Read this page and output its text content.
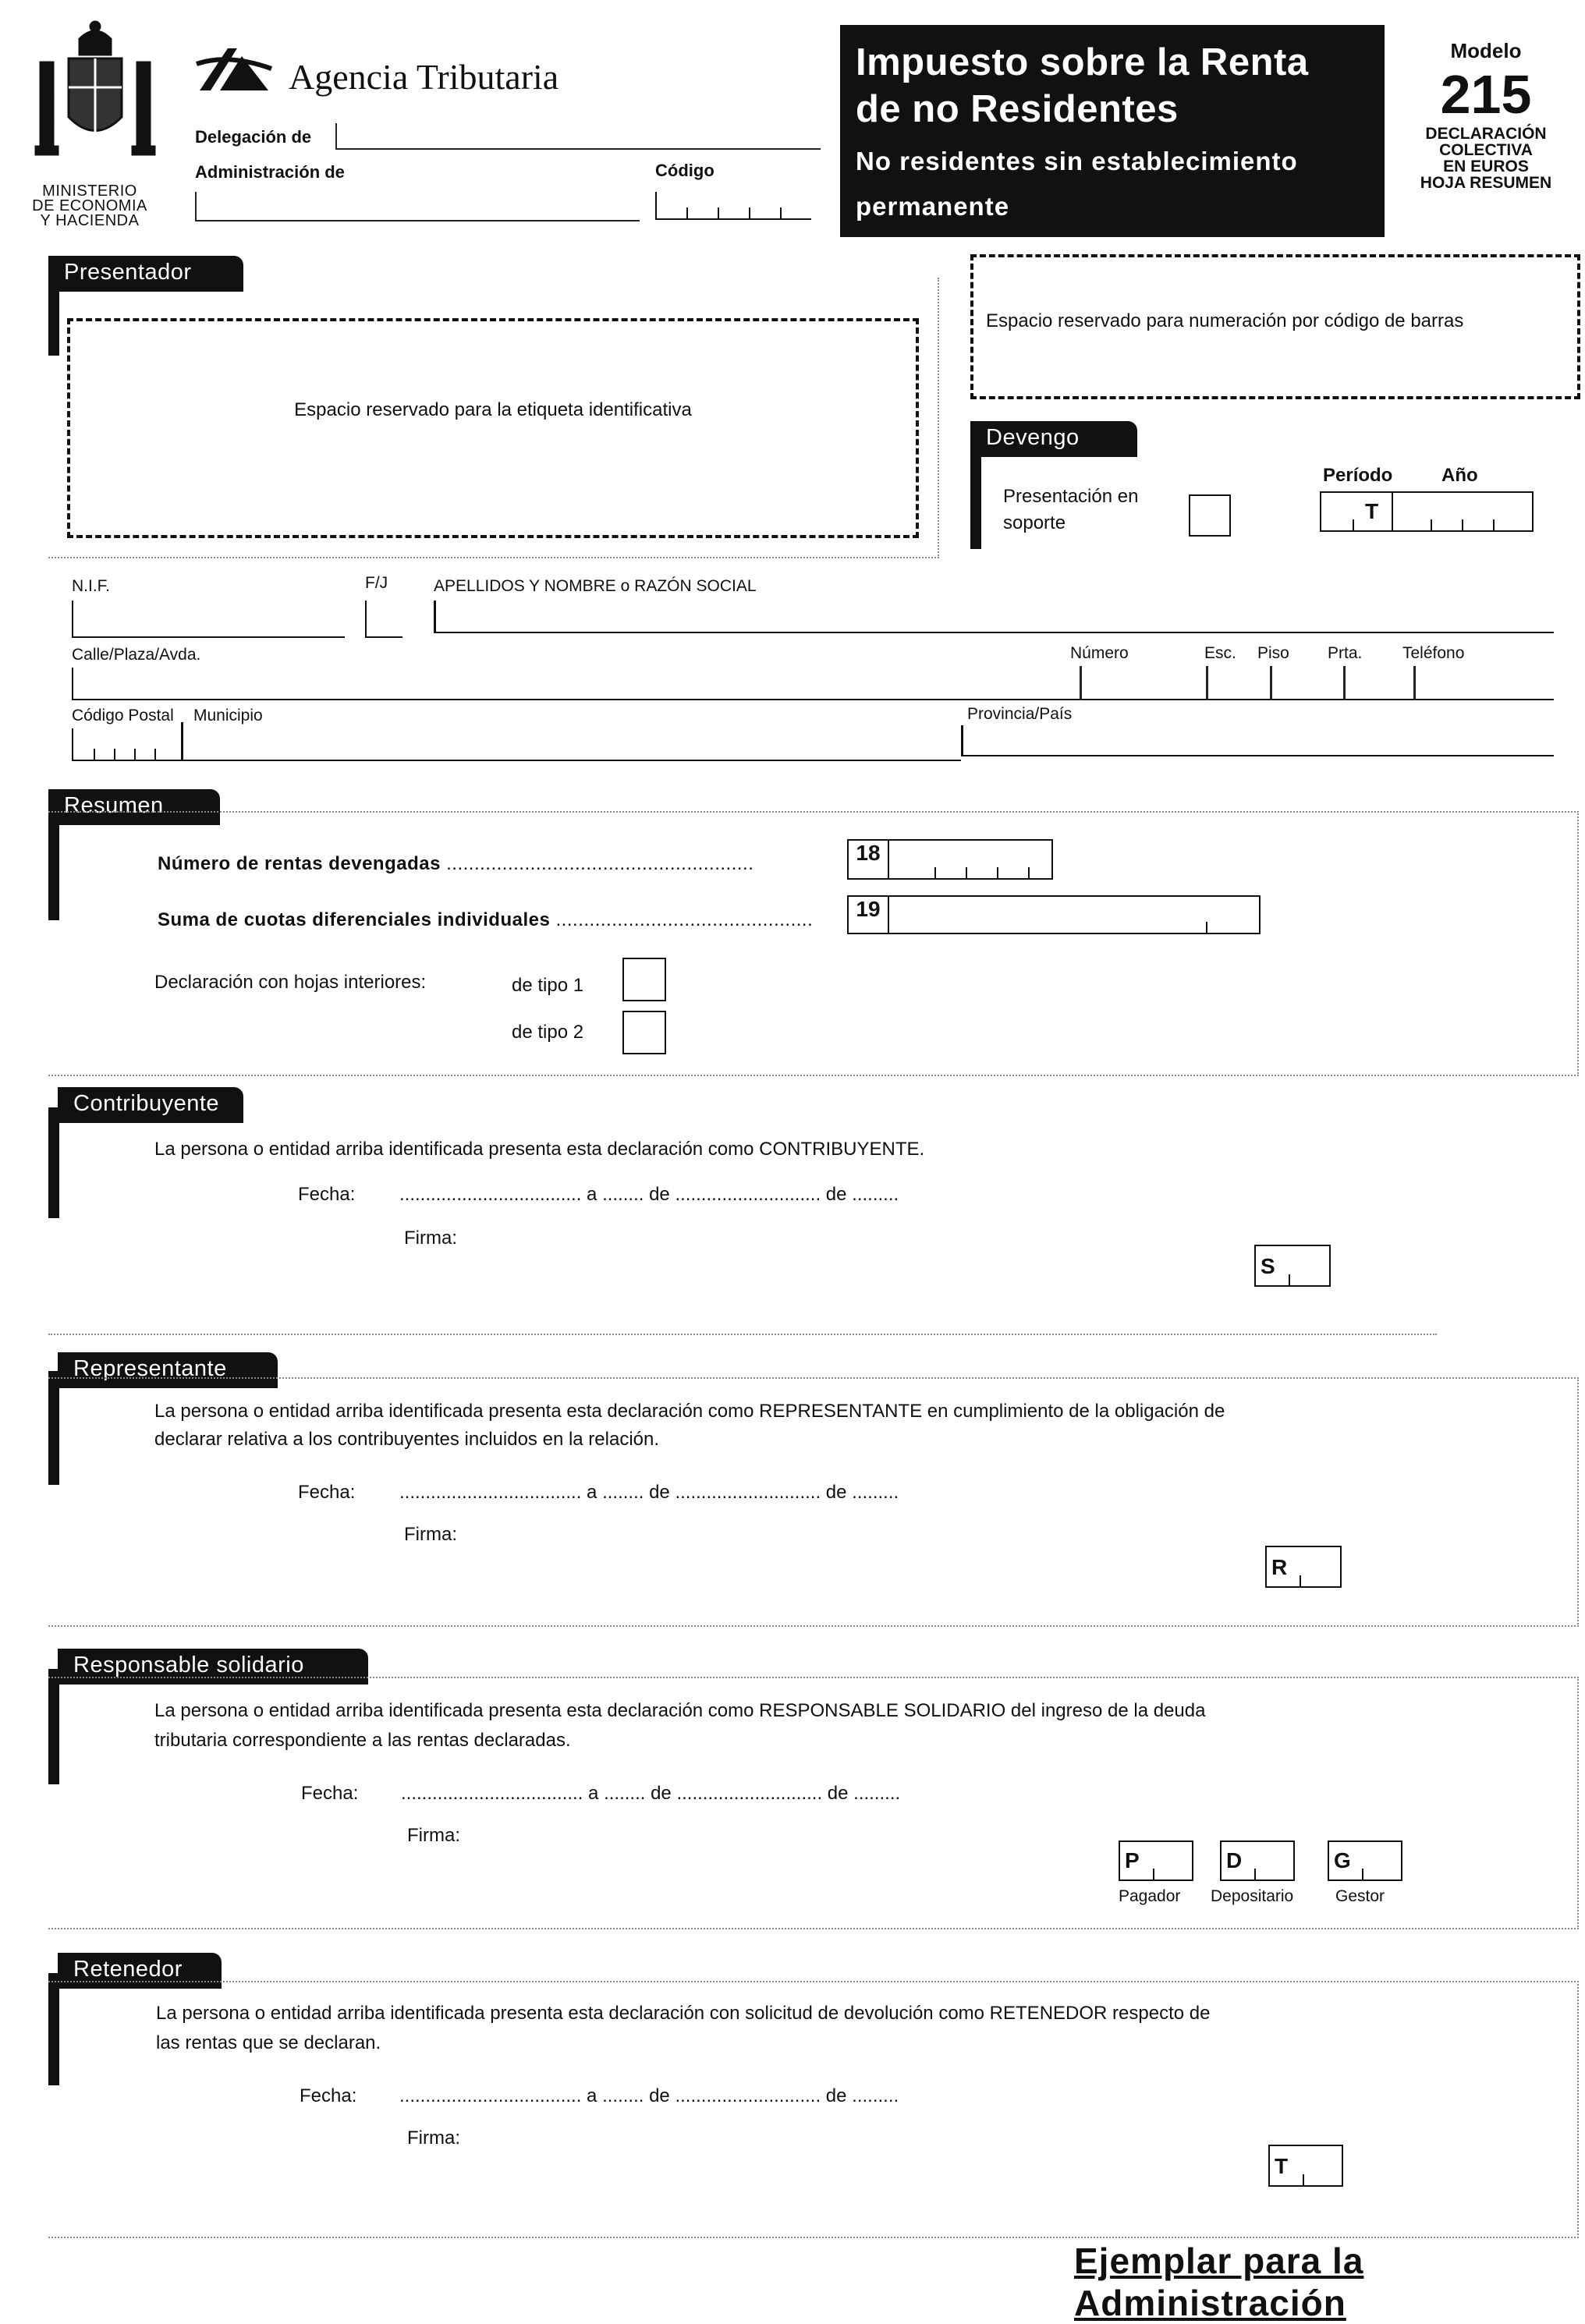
MINISTERIO
DE ECONOMIA
Y HACIENDA
Agencia Tributaria
Delegación de
Administración de	Código
Impuesto sobre la Renta
de no Residentes
No residentes sin establecimiento
permanente
Modelo
215
DECLARACIÓN
COLECTIVA
EN EUROS
HOJA RESUMEN
Presentador
Espacio reservado para la etiqueta identificativa
Espacio reservado para numeración por código de barras
Devengo
Presentación en
soporte
Período	Año
T
N.I.F.	F/J	APELLIDOS Y NOMBRE o RAZÓN SOCIAL
Calle/Plaza/Avda.	Número	Esc. Piso Prta. Teléfono
Código Postal Municipio	Provincia/País
Resumen
Número de rentas devengadas .......................................................	18
Suma de cuotas diferenciales individuales ..............................................	19
Declaración con hojas interiores:	de tipo 1
de tipo 2
Contribuyente
La persona o entidad arriba identificada presenta esta declaración como CONTRIBUYENTE.
Fecha: ................................... a ........ de ............................ de .........
Firma:
S
Representante
La persona o entidad arriba identificada presenta esta declaración como REPRESENTANTE en cumplimiento de la obligación de
declarar relativa a los contribuyentes incluidos en la relación.
Fecha: ................................... a ........ de ............................ de .........
Firma:
R
Responsable solidario
La persona o entidad arriba identificada presenta esta declaración como RESPONSABLE SOLIDARIO del ingreso de la deuda
tributaria correspondiente a las rentas declaradas.
Fecha: ................................... a ........ de ............................ de .........
Firma:
P
Pagador
D
Depositario
G
Gestor
Retenedor
La persona o entidad arriba identificada presenta esta declaración con solicitud de devolución como RETENEDOR respecto de
las rentas que se declaran.
Fecha: ................................... a ........ de ............................ de .........
Firma:
T
Ejemplar para la Administración
